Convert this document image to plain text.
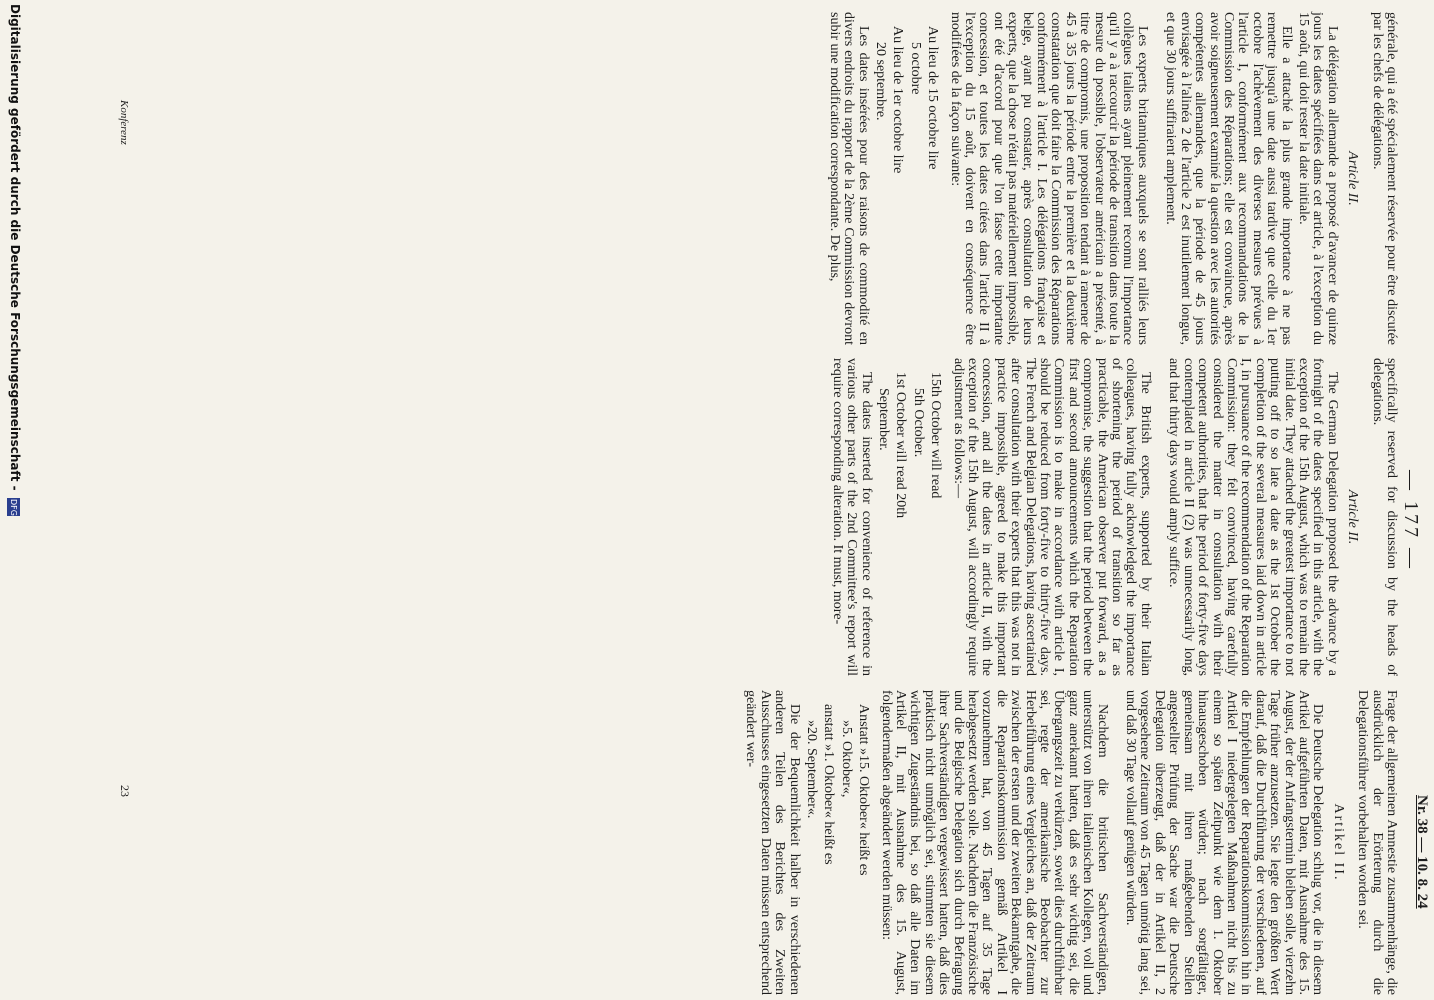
Digitalisierung gefördert durch die Deutsche Forschungsgemeinschaft - DFG	— 177 —
Nr. 38 — 10. 8. 24

générale, qui a été spécialement réservée pour être discutée par les chefs de délégations.

Article II.

La délégation allemande a proposé d'avancer de quinze jours les dates spécifiées dans cet article, à l'exception du 15 août, qui doit rester la date initiale.

Elle a attaché la plus grande importance à ne pas remettre jusqu'à une date aussi tardive que celle du 1er octobre l'achèvement des diverses mesures prévues à l'article I, conformément aux recommandations de la Commission des Réparations; elle est convaincue, après avoir soigneusement examiné la question avec les autorités compétentes allemandes, que la période de 45 jours envisagée à l'alinéa 2 de l'article 2 est inutilement longue, et que 30 jours suffiraient amplement.

Les experts britanniques auxquels se sont ralliés leurs collègues italiens ayant pleinement reconnu l'importance qu'il y a à raccourcir la période de transition dans toute la mesure du possible, l'observateur américain a présenté, à titre de compromis, une proposition tendant à ramener de 45 à 35 jours la période entre la première et la deuxième constatation que doit faire la Commission des Réparations conformément à l'article I. Les délégations française et belge, ayant pu constater, après consultation de leurs experts, que la chose n'était pas matériellement impossible, ont été d'accord pour que l'on fasse cette importante concession, et toutes les dates citées dans l'article II à l'exception du 15 août, doivent en conséquence être modifiées de la façon suivante:

Au lieu de 15 octobre lire

5 octobre

Au lieu de 1er octobre lire

20 septembre.

Les dates insérées pour des raisons de commodité en divers endroits du rapport de la 2ème Commission devront subir une modification correspondante. De plus,

specifically reserved for discussion by the heads of delegations.

Article II.

The German Delegation proposed the advance by a fortnight of the dates specified in this article, with the exception of the 15th August, which was to remain the initial date. They attached the greatest importance to not putting off to so late a date as the 1st October the completion of the several measures laid down in article I, in pursuance of the recommendation of the Reparation Commission: they felt convinced, having carefully considered the matter in consultation with their competent authorities, that the period of forty-five days contemplated in article II (2) was unnecessarily long, and that thirty days would amply suffice.

The British experts, supported by their Italian colleagues, having fully acknowledged the importance of shortening the period of transition so far as practicable, the American observer put forward, as a compromise, the suggestion that the period between the first and second announcements which the Reparation Commission is to make in accordance with article I, should be reduced from forty-five to thirty-five days. The French and Belgian Delegations, having ascertained after consultation with their experts that this was not in practice impossible, agreed to make this important concession, and all the dates in article II, with the exception of the 15th August, will accordingly require adjustment as follows:—

15th October will read

5th October.

1st October will read 20th

September.

The dates inserted for convenience of reference in various other parts of the 2nd Committee's report will require corresponding alteration. It must, more-

Frage der allgemeinen Amnestie zusammenhänge, die ausdrücklich der Erörterung durch die Delegationsführer vorbehalten worden sei.

Artikel II.

Die Deutsche Delegation schlug vor, die in diesem Artikel aufgeführten Daten, mit Ausnahme des 15. August, der der Anfangstermin bleiben solle, vierzehn Tage früher anzusetzen. Sie legte den größten Wert darauf, daß die Durchführung der verschiedenen, auf die Empfehlungen der Reparationskommission hin in Artikel I niedergelegten Maßnahmen nicht bis zu einem so späten Zeitpunkt wie dem 1. Oktober hinausgeschoben würden; nach sorgfältiger, gemeinsam mit ihren maßgebenden Stellen angestellter Prüfung der Sache war die Deutsche Delegation überzeugt, daß der in Artikel II, 2 vorgesehene Zeitraum von 45 Tagen unnötig lang sei, und daß 30 Tage vollauf genügen würden.

Nachdem die britischen Sachverständigen, unterstützt von ihren italienischen Kollegen, voll und ganz anerkannt hatten, daß es sehr wichtig sei, die Übergangszeit zu verkürzen, soweit dies durchführbar sei, regte der amerikanische Beobachter zur Herbeiführung eines Vergleiches an, daß der Zeitraum zwischen der ersten und der zweiten Bekanntgabe, die die Reparationskommission gemäß Artikel I vorzunehmen hat, von 45 Tagen auf 35 Tage herabgesetzt werden solle. Nachdem die Französische und die Belgische Delegation sich durch Befragung ihrer Sachverständigen vergewissert hatten, daß dies praktisch nicht unmöglich sei, stimmten sie diesem wichtigen Zugeständnis bei, so daß alle Daten im Artikel II, mit Ausnahme des 15. August, folgendermaßen abgeändert werden müssen:

Anstatt »15. Oktober« heißt es

»5. Oktober«,

anstatt »1. Oktober« heißt es

»20. September«.

Die der Bequemlichkeit halber in verschiedenen anderen Teilen des Berichtes des Zweiten Ausschusses eingesetzten Daten müssen entsprechend geändert wer-

Konferenz
23
